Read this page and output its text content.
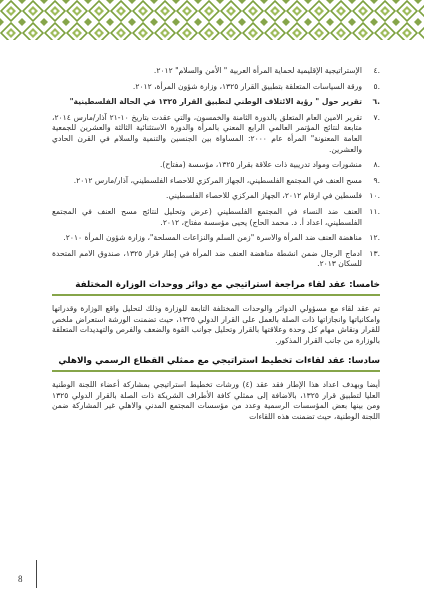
.٤
الإستراتيجية الإقليمية لحماية المرأة العربية " الأمن والسلام" ٢٠١٢.
.٥
ورقة السياسات المتعلقة بتطبيق القرار ١٣٢٥، وزارة شؤون المرأة، ٢٠١٢.
.٦
تقرير حول " رؤية الائتلاف الوطني لتطبيق القرار ١٣٢٥ في الحالة الفلسطينية"
.٧
تقرير الامين العام المتعلق بالدورة الثامنة والخمسون، والتي عقدت بتاريخ ١٠-٢١ آذار/مارس ٢٠١٤، متابعة لنتائج المؤتمر العالمي الرابع المعني بالمرأة والدورة الاستثنائية الثالثة والعشرين للجمعية العامة المعنونة" المرأة عام ٢٠٠٠: المساواة بين الجنسين والتنمية والسلام في القرن الحادي والعشرين.
.٨
منشورات ومواد تدريبية ذات علاقة بقرار ١٣٢٥، مؤسسة (مفتاح).
.٩
مسح العنف في المجتمع الفلسطيني، الجهاز المركزي للاحصاء الفلسطيني، آذار/مارس ٢٠١٢.
.١٠
فلسطين في ارقام ٢٠١٢، الجهاز المركزي للاحصاء الفلسطيني.
.١١
العنف ضد النساء في المجتمع الفلسطيني (عرض وتحليل لنتائج مسح العنف في المجتمع الفلسطيني، اعداد أ. د. محمد الحاج) يحيى مؤسسة مفتاح، ٢٠١٢.
.١٢
مناهضة العنف ضد المرأة والاسرة "زمن السلم والنزاعات المسلحة"، وزارة شؤون المرأة ٢٠١٠.
.١٣
ادماج الرجال ضمن انشطة مناهضة العنف ضد المرأة في إطار قرار ١٣٢٥، صندوق الامم المتحدة للسكان ٢٠١٣.
خامسا: عقد لقاء مراجعة استراتيجي مع دوائر ووحدات الوزارة المختلفة
تم عقد لقاء مع مسؤولي الدوائر والوحدات المختلفة التابعة للوزارة وذلك لتحليل واقع الوزارة وقدراتها وامكانياتها وانجازاتها ذات الصلة بالعمل على القرار الدولي ١٣٢٥، حيث تضمنت الورشة استعراض ملخص للقرار ونقاش مهام كل وحدة وعلاقتها بالقرار وتحليل جوانب القوة والضعف والفرص والتهديدات المتعلقة بالوزارة من جانب القرار المذكور.
سادسا: عقد لقاءات تخطيط استراتيجي مع ممثلي القطاع الرسمي والاهلي
أيضا وبهدف اعداد هذا الإطار فقد عقد (٤) ورشات تخطيط استراتيجي بمشاركة أعضاء اللجنة الوطنية العليا لتطبيق قرار ١٣٢٥، بالاضافة إلى ممثلي كافة الأطراف الشريكة ذات الصلة بالقرار الدولي ١٣٢٥ ومن بينها بعض المؤسسات الرسمية وعدد من مؤسسات المجتمع المدني والاهلي غير المشاركة ضمن اللجنة الوطنية، حيث تضمنت هذه اللقاءات
8
